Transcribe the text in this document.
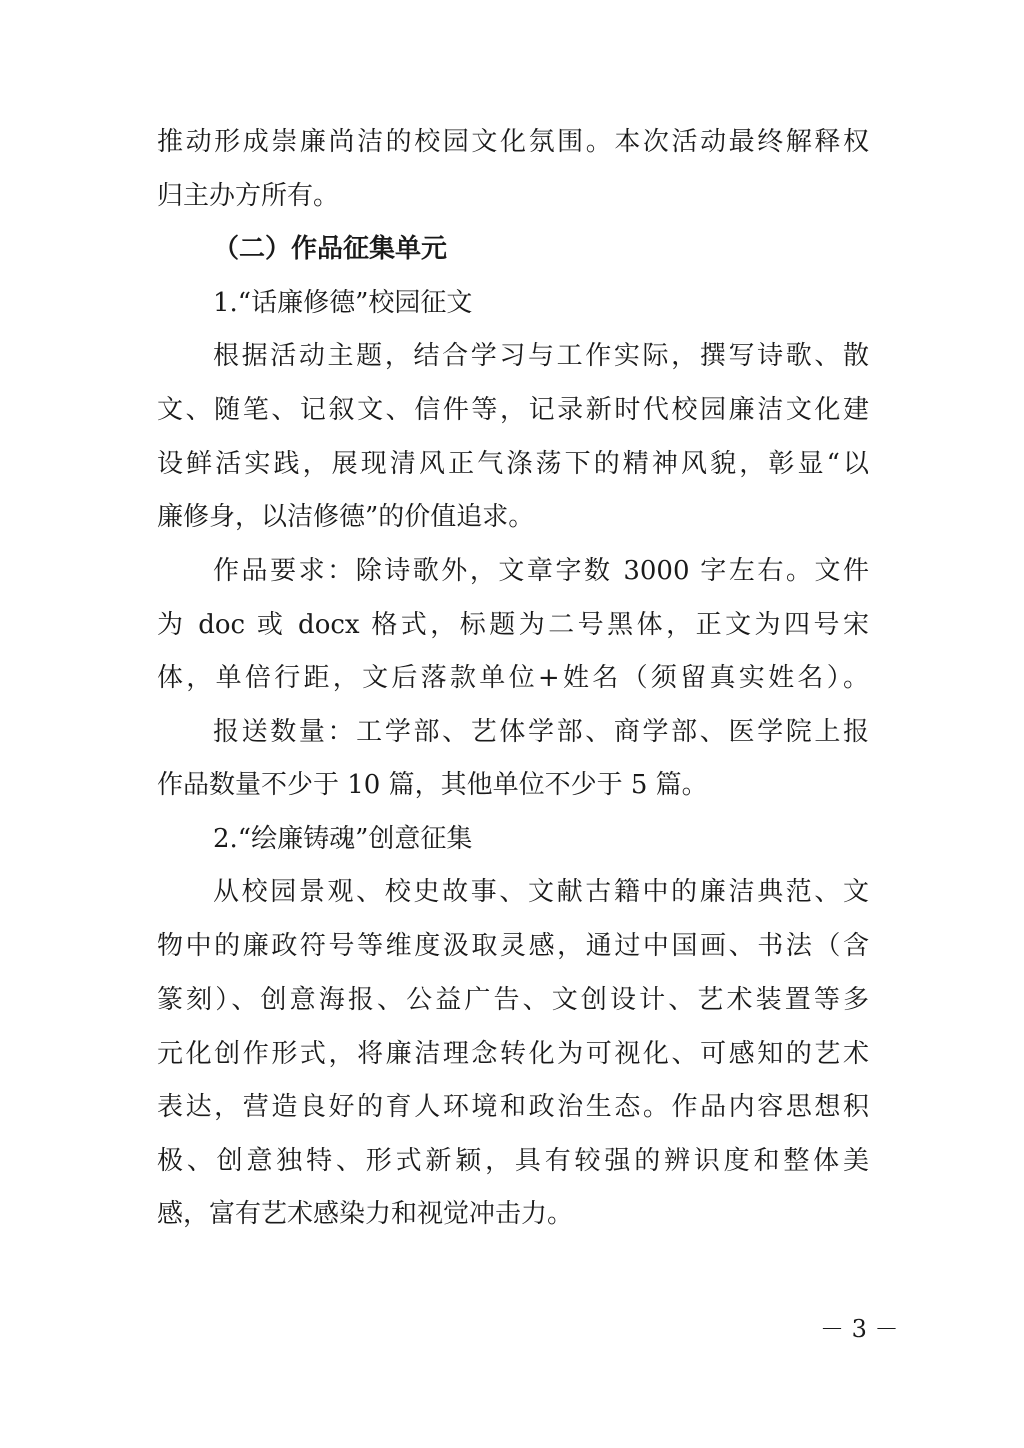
推动形成崇廉尚洁的校园文化氛围。本次活动最终解释权
归主办方所有。
（二）作品征集单元
1.“话廉修德”校园征文
根据活动主题，结合学习与工作实际，撰写诗歌、散
文、随笔、记叙文、信件等，记录新时代校园廉洁文化建
设鲜活实践，展现清风正气涤荡下的精神风貌，彰显“以
廉修身，以洁修德”的价值追求。
作品要求：除诗歌外，文章字数 3000 字左右。文件
为 doc 或 docx 格式，标题为二号黑体，正文为四号宋
体，单倍行距，文后落款单位+姓名（须留真实姓名）。
报送数量：工学部、艺体学部、商学部、医学院上报
作品数量不少于 10 篇，其他单位不少于 5 篇。
2.“绘廉铸魂”创意征集
从校园景观、校史故事、文献古籍中的廉洁典范、文
物中的廉政符号等维度汲取灵感，通过中国画、书法（含
篆刻）、创意海报、公益广告、文创设计、艺术装置等多
元化创作形式，将廉洁理念转化为可视化、可感知的艺术
表达，营造良好的育人环境和政治生态。作品内容思想积
极、创意独特、形式新颖，具有较强的辨识度和整体美
感，富有艺术感染力和视觉冲击力。
－ 3 －
